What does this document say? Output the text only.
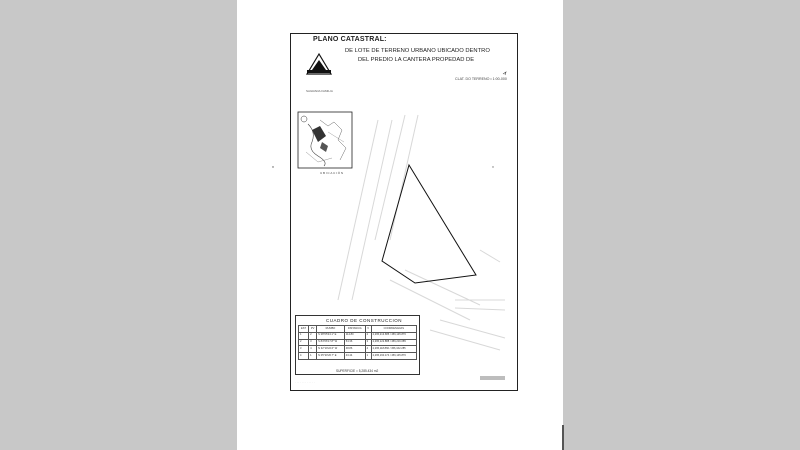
PLANO CATASTRAL:
DE LOTE DE TERRENO URBANO UBICADO DENTRO
DEL PREDIO LA CANTERA PROPEDAD DE
CLAT. DO TERRENO • 1:00-000
SAGRADA FAMILIA
UBICACIÓN
CUADRO DE CONSTRUCCION
EST	PV	RUMBO	DISTANCIA	V	COORDENADAS
1	2	S 38°05'43.1" E	114.80	2	2,265,213.685 / 456,145.876
2	3	S 84°06'17.8" W	54.36	3	2,265,122.888 / 456,216.085
3	4	N 32°19'22.6" W	48.86	4	2,265,118.866 / 456,162.285
4	1	N 05°20'26.7" E	43.44	1	2,265,160.174 / 456,145.876
SUPERFICIE = 5,285.434 m2
· · · · · · · · · · · ·
